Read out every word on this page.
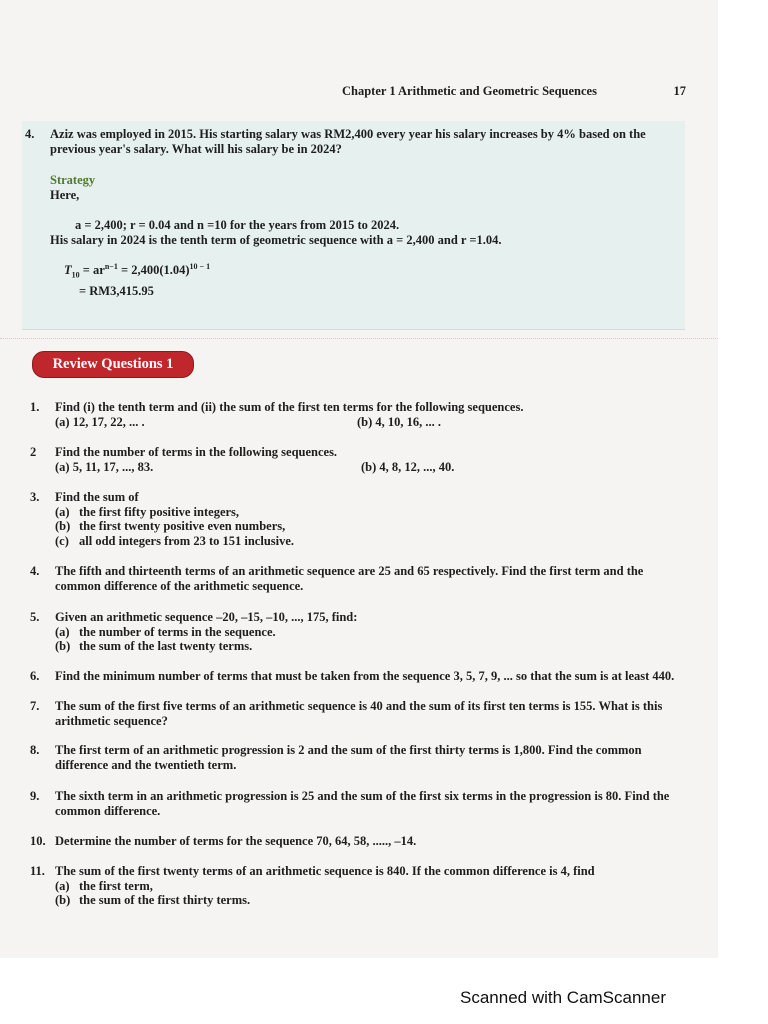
Chapter 1 Arithmetic and Geometric Sequences	17
4. Aziz was employed in 2015. His starting salary was RM2,400 every year his salary increases by 4% based on the previous year's salary. What will his salary be in 2024?
Strategy
Here,
a = 2,400; r = 0.04 and n =10 for the years from 2015 to 2024.
His salary in 2024 is the tenth term of geometric sequence with a = 2,400 and r =1.04.
$T_{10} = ar^{n-1} = 2,400(1.04)^{10 - 1}$
= RM3,415.95
Review Questions 1
1. Find (i) the tenth term and (ii) the sum of the first ten terms for the following sequences.
(a) 12, 17, 22, ... .	(b) 4, 10, 16, ... .
2 Find the number of terms in the following sequences.
(a) 5, 11, 17, ..., 83.	(b) 4, 8, 12, ..., 40.
3. Find the sum of
(a) the first fifty positive integers,
(b) the first twenty positive even numbers,
(c) all odd integers from 23 to 151 inclusive.
4. The fifth and thirteenth terms of an arithmetic sequence are 25 and 65 respectively. Find the first term and the common difference of the arithmetic sequence.
5. Given an arithmetic sequence –20, –15, –10, ..., 175, find:
(a) the number of terms in the sequence.
(b) the sum of the last twenty terms.
6. Find the minimum number of terms that must be taken from the sequence 3, 5, 7, 9, ... so that the sum is at least 440.
7. The sum of the first five terms of an arithmetic sequence is 40 and the sum of its first ten terms is 155. What is this arithmetic sequence?
8. The first term of an arithmetic progression is 2 and the sum of the first thirty terms is 1,800. Find the common difference and the twentieth term.
9. The sixth term in an arithmetic progression is 25 and the sum of the first six terms in the progression is 80. Find the common difference.
10. Determine the number of terms for the sequence 70, 64, 58, ....., –14.
11. The sum of the first twenty terms of an arithmetic sequence is 840. If the common difference is 4, find
(a) the first term,
(b) the sum of the first thirty terms.
Scanned with CamScanner
